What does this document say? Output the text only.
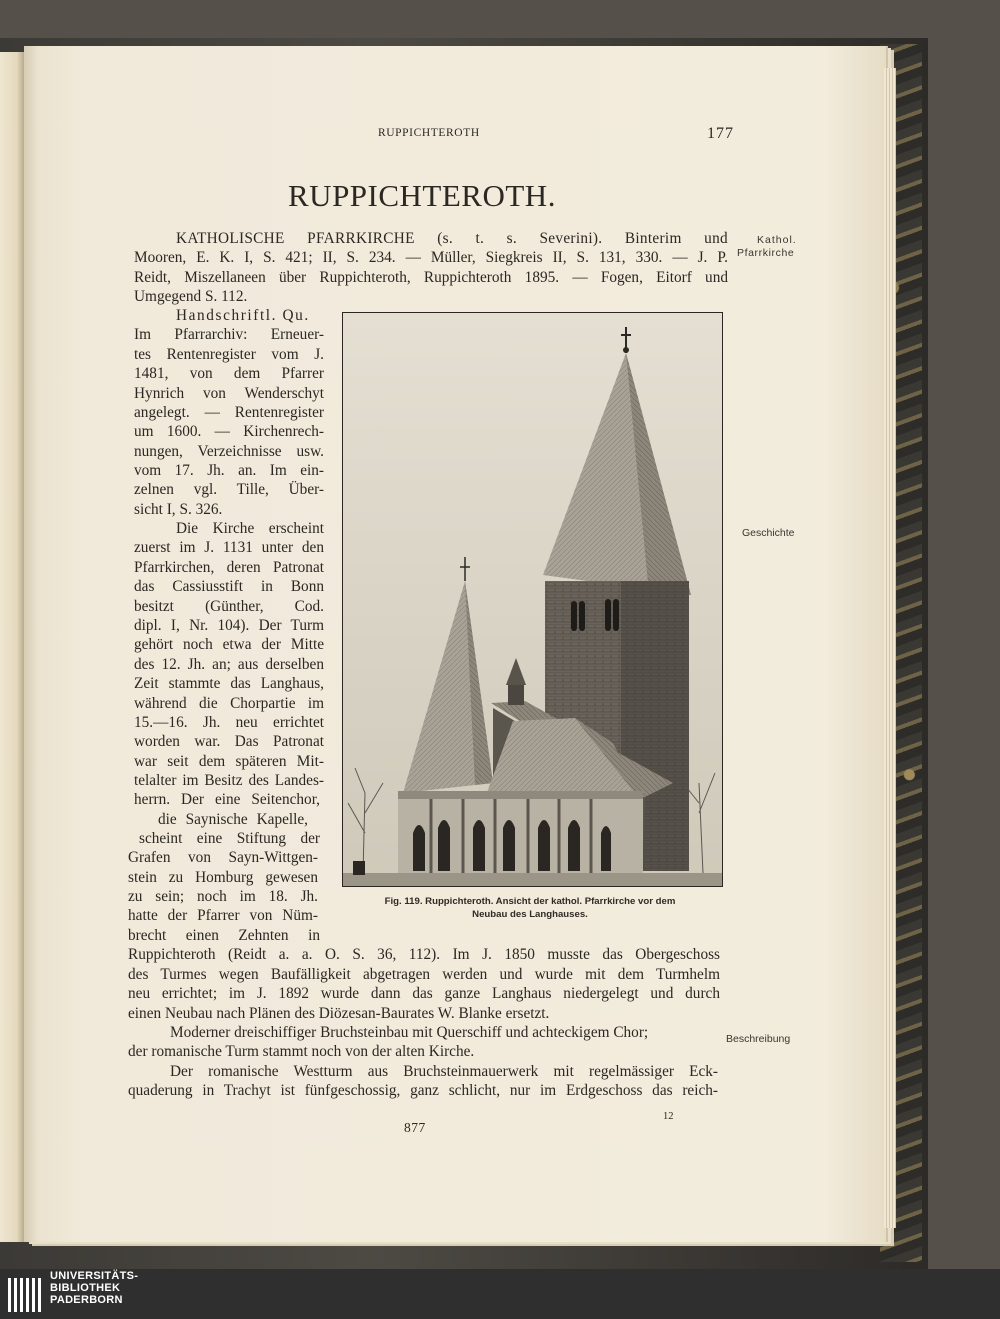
RUPPICHTEROTH	177
RUPPICHTEROTH.
Kathol.
Pfarrkirche
Geschichte
Beschreibung
KATHOLISCHE PFARRKIRCHE (s. t. s. Severini). Binterim und
Mooren, E. K. I, S. 421; II, S. 234. — Müller, Siegkreis II, S. 131, 330. — J. P.
Reidt, Miszellaneen über Ruppichteroth, Ruppichteroth 1895. — Fogen, Eitorf und
Umgegend S. 112.
Handschriftl. Qu.
Im Pfarrarchiv: Erneuer-
tes Rentenregister vom J.
1481, von dem Pfarrer
Hynrich von Wenderschyt
angelegt. — Rentenregister
um 1600. — Kirchenrech-
nungen, Verzeichnisse usw.
vom 17. Jh. an. Im ein-
zelnen vgl. Tille, Über-
sicht I, S. 326.
Die Kirche erscheint
zuerst im J. 1131 unter den
Pfarrkirchen, deren Patronat
das Cassiusstift in Bonn
besitzt (Günther, Cod.
dipl. I, Nr. 104). Der Turm
gehört noch etwa der Mitte
des 12. Jh. an; aus derselben
Zeit stammte das Langhaus,
während die Chorpartie im
15.—16. Jh. neu errichtet
worden war. Das Patronat
war seit dem späteren Mit-
telalter im Besitz des Landes-
herrn. Der eine Seitenchor,
die Saynische Kapelle,
scheint eine Stiftung der
Grafen von Sayn-Wittgen-
stein zu Homburg gewesen
zu sein; noch im 18. Jh.
hatte der Pfarrer von Nüm-
brecht einen Zehnten in
Ruppichteroth (Reidt a. a. O. S. 36, 112). Im J. 1850 musste das Obergeschoss
des Turmes wegen Baufälligkeit abgetragen werden und wurde mit dem Turmhelm
neu errichtet; im J. 1892 wurde dann das ganze Langhaus niedergelegt und durch
einen Neubau nach Plänen des Diözesan-Baurates W. Blanke ersetzt.
Moderner dreischiffiger Bruchsteinbau mit Querschiff und achteckigem Chor;
der romanische Turm stammt noch von der alten Kirche.
Der romanische Westturm aus Bruchsteinmauerwerk mit regelmässiger Eck-
quaderung in Trachyt ist fünfgeschossig, ganz schlicht, nur im Erdgeschoss das reich-
Fig. 119. Ruppichteroth. Ansicht der kathol. Pfarrkirche vor dem
Neubau des Langhauses.
877
12
UNIVERSITÄTS-
BIBLIOTHEK
PADERBORN
